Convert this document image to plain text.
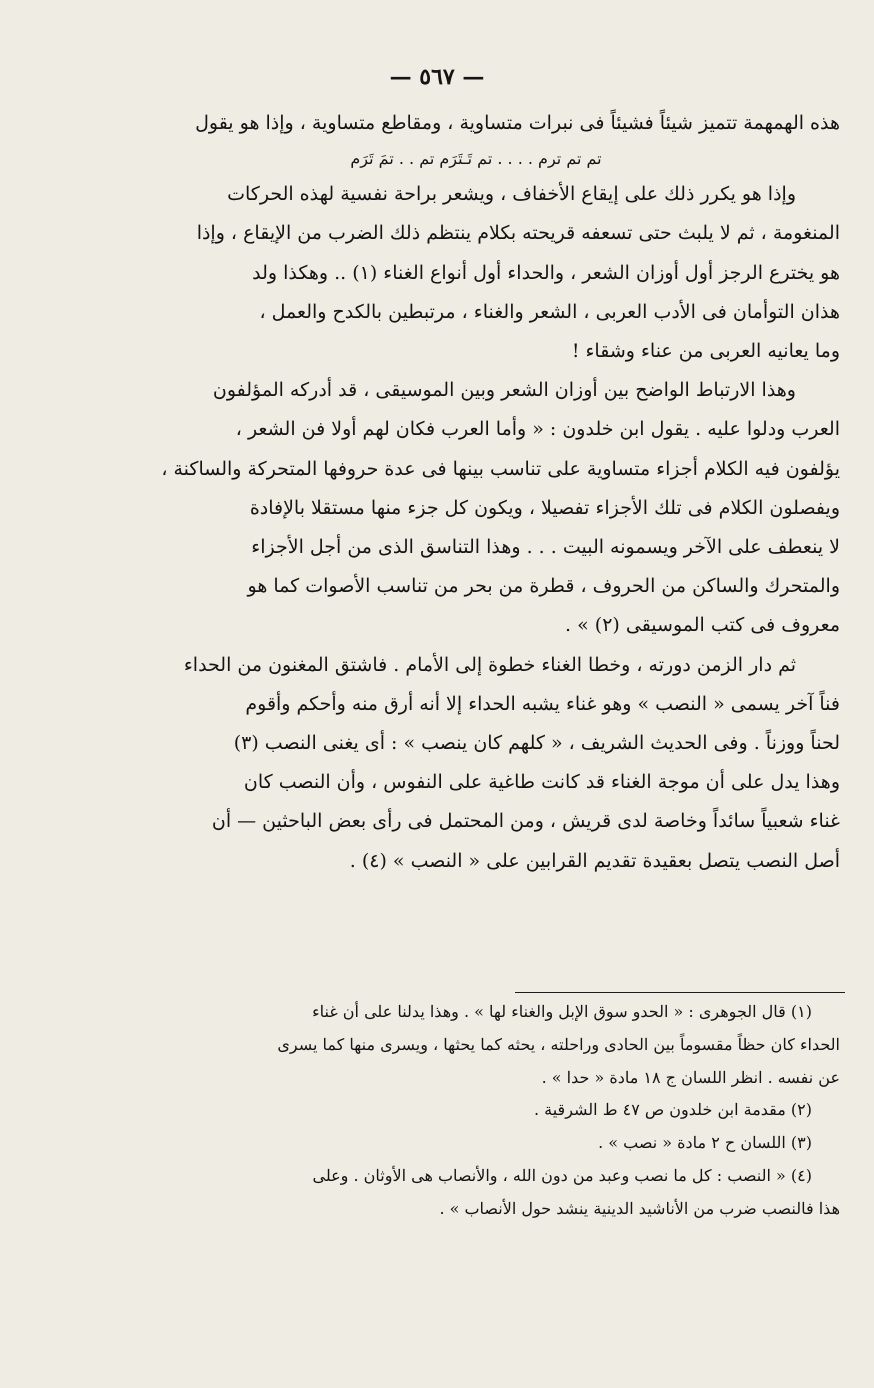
— ٥٦٧ —

هذه الهمهمة تتميز شيئاً فشيئاً فى نبرات متساوية ، ومقاطع متساوية ، وإذا هو يقول

تم تم ترم . . . . تم تَـتَرَم تم . . تمَ تَرَم

وإذا هو يكرر ذلك على إيقاع الأخفاف ، ويشعر براحة نفسية لهذه الحركات

المنغومة ، ثم لا يلبث حتى تسعفه قريحته بكلام ينتظم ذلك الضرب من الإيقاع ، وإذا

هو يخترع الرجز أول أوزان الشعر ، والحداء أول أنواع الغناء (١) .. وهكذا ولد

هذان التوأمان فى الأدب العربى ، الشعر والغناء ، مرتبطين بالكدح والعمل ،

وما يعانيه العربى من عناء وشقاء !

وهذا الارتباط الواضح بين أوزان الشعر وبين الموسيقى ، قد أدركه المؤلفون

العرب ودلوا عليه . يقول ابن خلدون : « وأما العرب فكان لهم أولا فن الشعر ،

يؤلفون فيه الكلام أجزاء متساوية على تناسب بينها فى عدة حروفها المتحركة والساكنة ،

ويفصلون الكلام فى تلك الأجزاء تفصيلا ، ويكون كل جزء منها مستقلا بالإفادة

لا ينعطف على الآخر ويسمونه البيت . . . وهذا التناسق الذى من أجل الأجزاء

والمتحرك والساكن من الحروف ، قطرة من بحر من تناسب الأصوات كما هو

معروف فى كتب الموسيقى (٢) » .

ثم دار الزمن دورته ، وخطا الغناء خطوة إلى الأمام . فاشتق المغنون من الحداء

فناً آخر يسمى « النصب » وهو غناء يشبه الحداء إلا أنه أرق منه وأحكم وأقوم

لحناً ووزناً . وفى الحديث الشريف ، « كلهم كان ينصب » : أى يغنى النصب (٣)

وهذا يدل على أن موجة الغناء قد كانت طاغية على النفوس ، وأن النصب كان

غناء شعبياً سائداً وخاصة لدى قريش ، ومن المحتمل فى رأى بعض الباحثين — أن

أصل النصب يتصل بعقيدة تقديم القرابين على « النصب » (٤) .

(١) قال الجوهرى : « الحدو سوق الإبل والغناء لها » . وهذا يدلنا على أن غناء

الحداء كان حظاً مقسوماً بين الحادى وراحلته ، يحثه كما يحثها ، ويسرى منها كما يسرى

عن نفسه . انظر اللسان ج ١٨ مادة « حدا » .

(٢) مقدمة ابن خلدون ص ٤٧ ط الشرقية .

(٣) اللسان ح ٢ مادة « نصب » .

(٤) « النصب : كل ما نصب وعبد من دون الله ، والأنصاب هى الأوثان . وعلى

هذا فالنصب ضرب من الأناشيد الدينية ينشد حول الأنصاب » .
